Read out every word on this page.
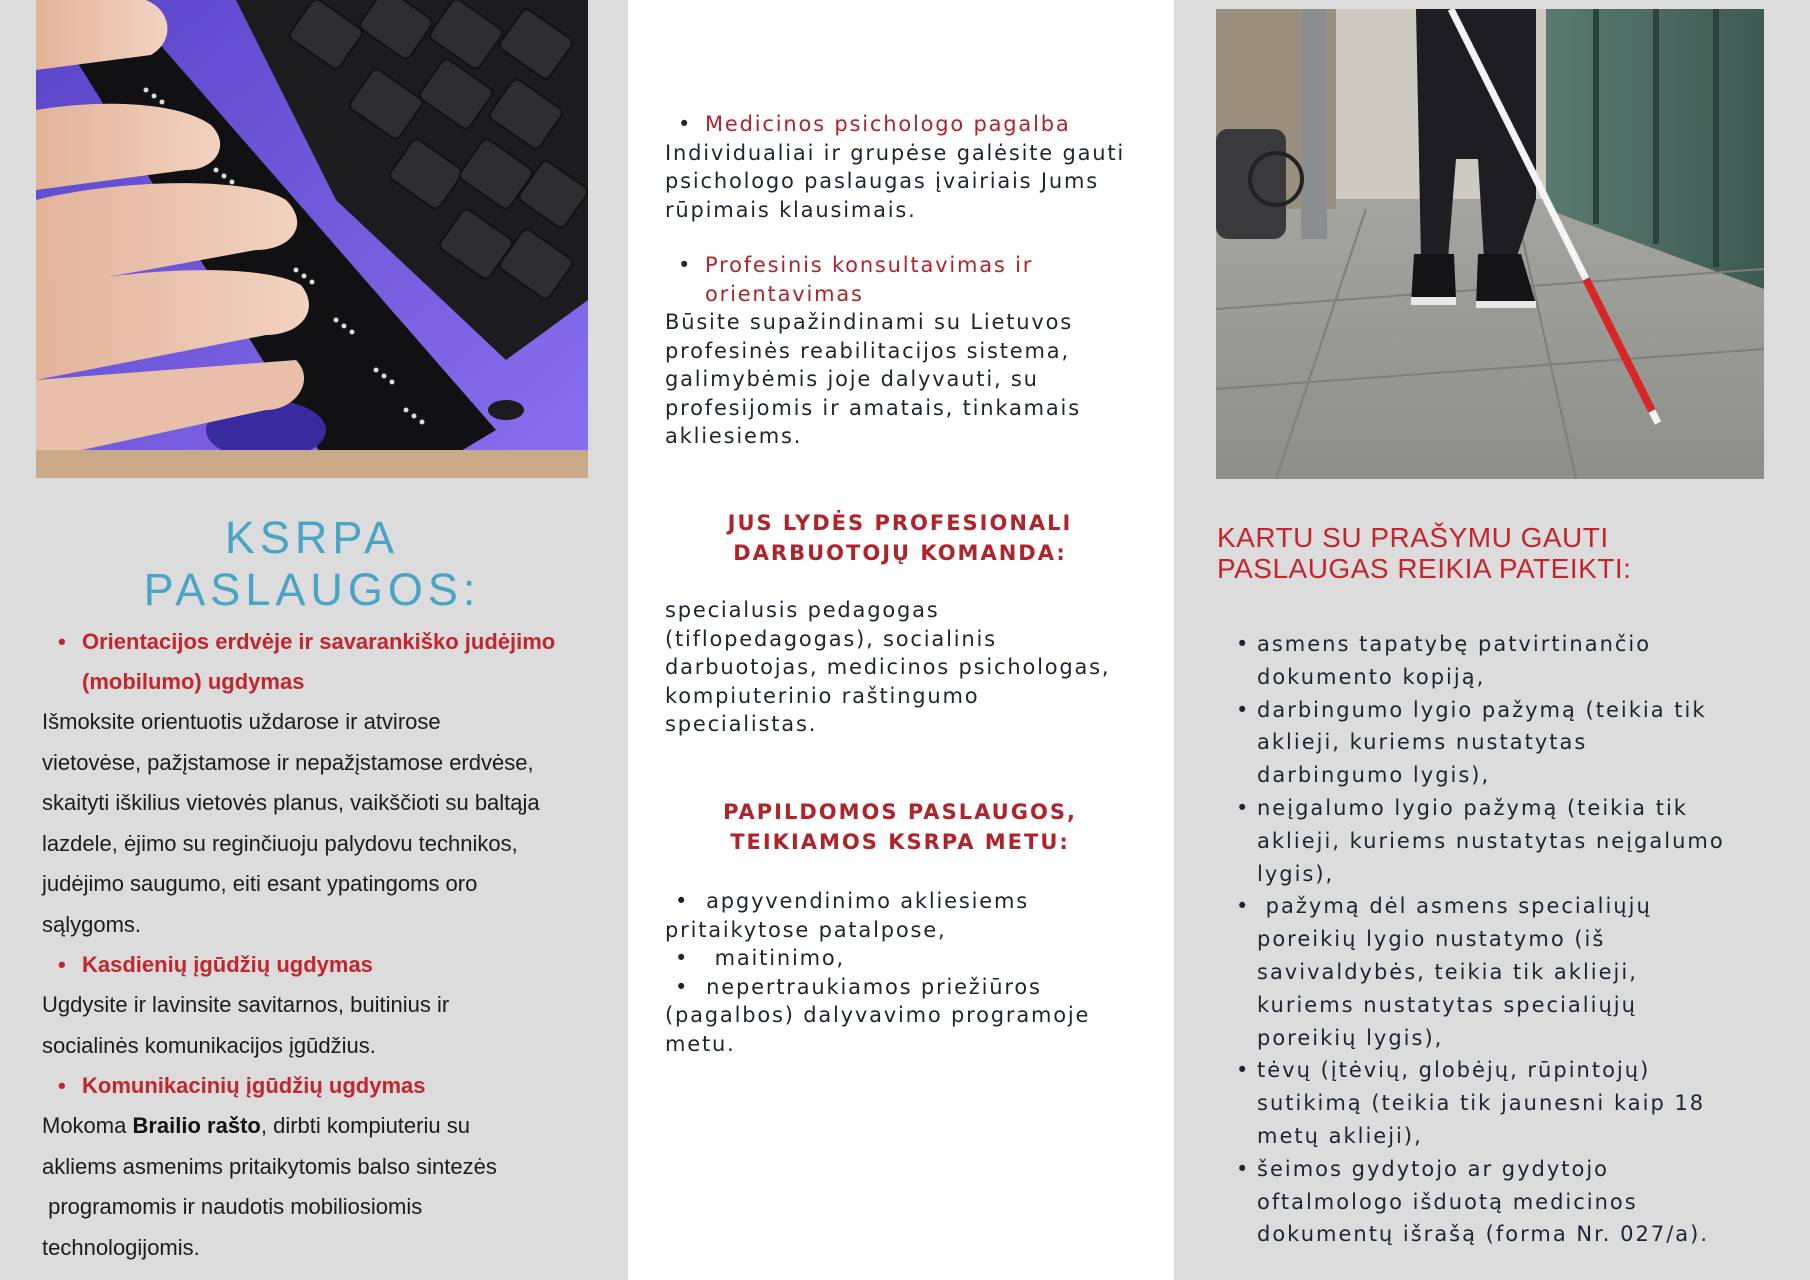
KSRPA
PASLAUGOS:
• Orientacijos erdvėje ir savarankiško judėjimo
(mobilumo) ugdymas
Išmoksite orientuotis uždarose ir atvirose
vietovėse, pažįstamose ir nepažįstamose erdvėse,
skaityti iškilius vietovės planus, vaikščioti su baltąja
lazdele, ėjimo su reginčiuoju palydovu technikos,
judėjimo saugumo, eiti esant ypatingoms oro
sąlygoms.
• Kasdienių įgūdžių ugdymas
Ugdysite ir lavinsite savitarnos, buitinius ir
socialinės komunikacijos įgūdžius.
• Komunikacinių įgūdžių ugdymas
Mokoma Brailio rašto, dirbti kompiuteriu su
akliems asmenims pritaikytomis balso sintezės
programomis ir naudotis mobiliosiomis
technologijomis.
• Medicinos psichologo pagalba
Individualiai ir grupėse galėsite gauti
psichologo paslaugas įvairiais Jums
rūpimais klausimais.
• Profesinis konsultavimas ir
orientavimas
Būsite supažindinami su Lietuvos
profesinės reabilitacijos sistema,
galimybėmis joje dalyvauti, su
profesijomis ir amatais, tinkamais
akliesiems.
JUS LYDĖS PROFESIONALI
DARBUOTOJŲ KOMANDA:
specialusis pedagogas
(tiflopedagogas), socialinis
darbuotojas, medicinos psichologas,
kompiuterinio raštingumo
specialistas.
PAPILDOMOS PASLAUGOS,
TEIKIAMOS KSRPA METU:
•  apgyvendinimo akliesiems
pritaikytose patalpose,
•   maitinimo,
•  nepertraukiamos priežiūros
(pagalbos) dalyvavimo programoje
metu.
KARTU SU PRAŠYMU GAUTI
PASLAUGAS REIKIA PATEIKTI:
• asmens tapatybę patvirtinančio
dokumento kopiją,
• darbingumo lygio pažymą (teikia tik
aklieji, kuriems nustatytas
darbingumo lygis),
• neįgalumo lygio pažymą (teikia tik
aklieji, kuriems nustatytas neįgalumo
lygis),
•  pažymą dėl asmens specialiųjų
poreikių lygio nustatymo (iš
savivaldybės, teikia tik aklieji,
kuriems nustatytas specialiųjų
poreikių lygis),
• tėvų (įtėvių, globėjų, rūpintojų)
sutikimą (teikia tik jaunesni kaip 18
metų aklieji),
• šeimos gydytojo ar gydytojo
oftalmologo išduotą medicinos
dokumentų išrašą (forma Nr. 027/a).
